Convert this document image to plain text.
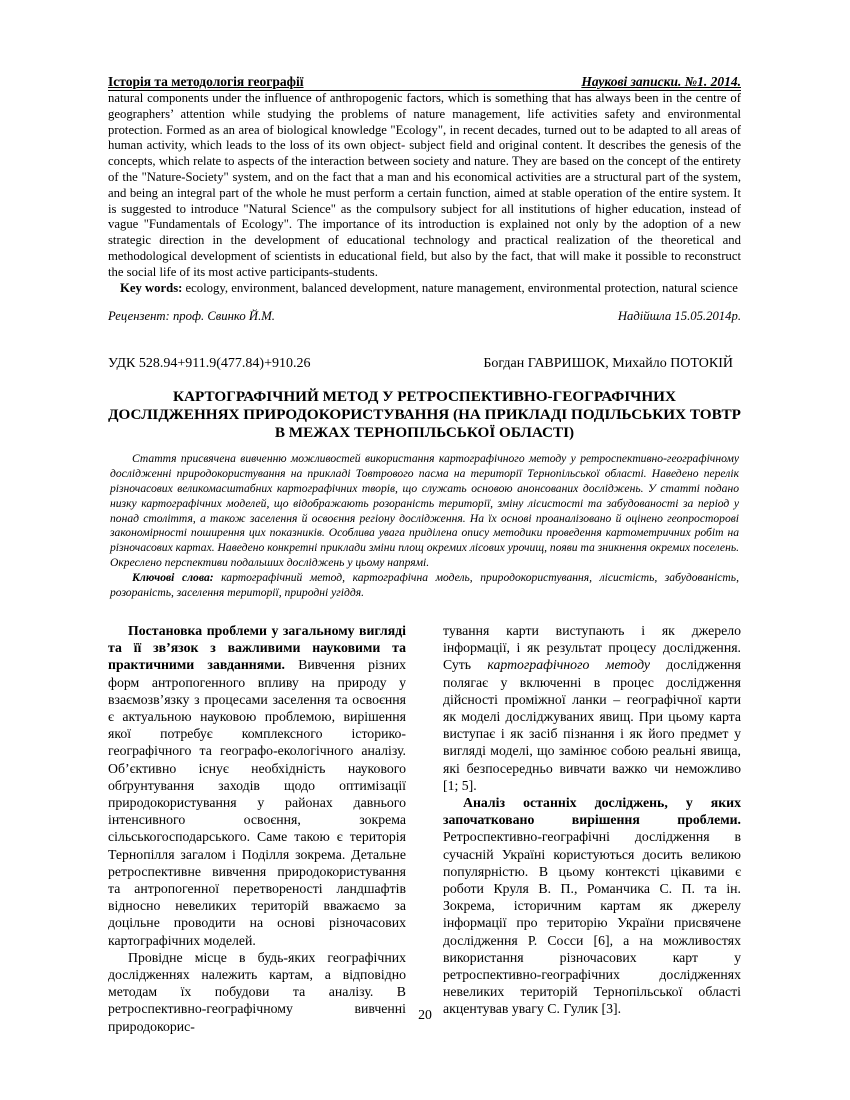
Історія та методологія географії	Наукові записки. №1. 2014.

natural components under the influence of anthropogenic factors, which is something that has always been in the centre of geographers’ attention while studying the problems of nature management, life activities safety and environmental protection. Formed as an area of biological knowledge "Ecology", in recent decades, turned out to be adapted to all areas of human activity, which leads to the loss of its own object- subject field and original content. It describes the genesis of the concepts, which relate to aspects of the interaction between society and nature. They are based on the concept of the entirety of the "Nature-Society" system, and on the fact that a man and his economical activities are a structural part of the system, and being an integral part of the whole he must perform a certain function, aimed at stable operation of the entire system. It is suggested to introduce "Natural Science" as the compulsory subject for all institutions of higher education, instead of vague "Fundamentals of Ecology". The importance of its introduction is explained not only by the adoption of a new strategic direction in the development of educational technology and practical realization of the theoretical and methodological development of scientists in educational field, but also by the fact, that will make it possible to reconstruct the social life of its most active participants-students.

Key words: ecology, environment, balanced development, nature management, environmental protection, natural science

Рецензент: проф. Свинко Й.М.	Надійшла 15.05.2014р.
УДК 528.94+911.9(477.84)+910.26	Богдан ГАВРИШОК, Михайло ПОТОКІЙ

КАРТОГРАФІЧНИЙ МЕТОД У РЕТРОСПЕКТИВНО-ГЕОГРАФІЧНИХ ДОСЛІДЖЕННЯХ ПРИРОДОКОРИСТУВАННЯ (НА ПРИКЛАДІ ПОДІЛЬСЬКИХ ТОВТР В МЕЖАХ ТЕРНОПІЛЬСЬКОЇ ОБЛАСТІ)

Стаття присвячена вивченню можливостей використання картографічного методу у ретроспективно-географічному дослідженні природокористування на прикладі Товтрового пасма на території Тернопільської області. Наведено перелік різночасових великомасштабних картографічних творів, що служать основою анонсованих досліджень. У статті подано низку картографічних моделей, що відображають розораність території, зміну лісистості та забудованості за період у понад століття, а також заселення й освоєння регіону дослідження. На їх основі проаналізовано й оцінено геопросторові закономірності поширення цих показників. Особлива увага приділена опису методики проведення картометричних робіт на різночасових картах. Наведено конкретні приклади зміни площ окремих лісових урочищ, появи та зникнення окремих поселень. Окреслено перспективи подальших досліджень у цьому напрямі.

Ключові слова: картографічний метод, картографічна модель, природокористування, лісистість, забудованість, розораність, заселення території, природні угіддя.

Постановка проблеми у загальному виглядi та її зв’язок з важливими науковими та практичними завданнями. Вивчення різних форм антропогенного впливу на природу у взаємозв’язку з процесами заселення та освоєння є актуальною науковою проблемою, вирішення якої потребує комплексного історико-географічного та географо-екологічного аналізу. Об’єктивно існує необхідність наукового обґрунтування заходів щодо оптимізації природокористування у районах давнього інтенсивного освоєння, зокрема сільськогосподарського. Саме такою є територія Тернопілля загалом і Поділля зокрема. Детальне ретроспективне вивчення природокористування та антропогенної перетвореності ландшафтів відносно невеликих територій вважаємо за доцільне проводити на основі різночасових картографічних моделей.

Провідне місце в будь-яких географічних дослідженнях належить картам, а відповідно методам їх побудови та аналізу. В ретроспективно-географічному вивченні природокорис-

тування карти виступають і як джерело інформації, і як результат процесу дослідження. Суть картографічного методу дослідження полягає у включенні в процес дослідження дійсності проміжної ланки – географічної карти як моделі досліджуваних явищ. При цьому карта виступає і як засіб пізнання і як його предмет у вигляді моделі, що замінює собою реальні явища, які безпосередньо вивчати важко чи неможливо [1; 5].

Аналіз останніх досліджень, у яких започатковано вирішення проблеми. Ретроспективно-географічні дослідження в сучасній Україні користуються досить великою популярністю. В цьому контексті цікавими є роботи Круля В. П., Романчика С. П. та ін. Зокрема, історичним картам як джерелу інформації про територію України присвячене дослідження Р. Сосси [6], а на можливостях використання різночасових карт у ретроспективно-географічних дослідженнях невеликих територій Тернопільської області акцентував увагу С. Гулик [3].

20
